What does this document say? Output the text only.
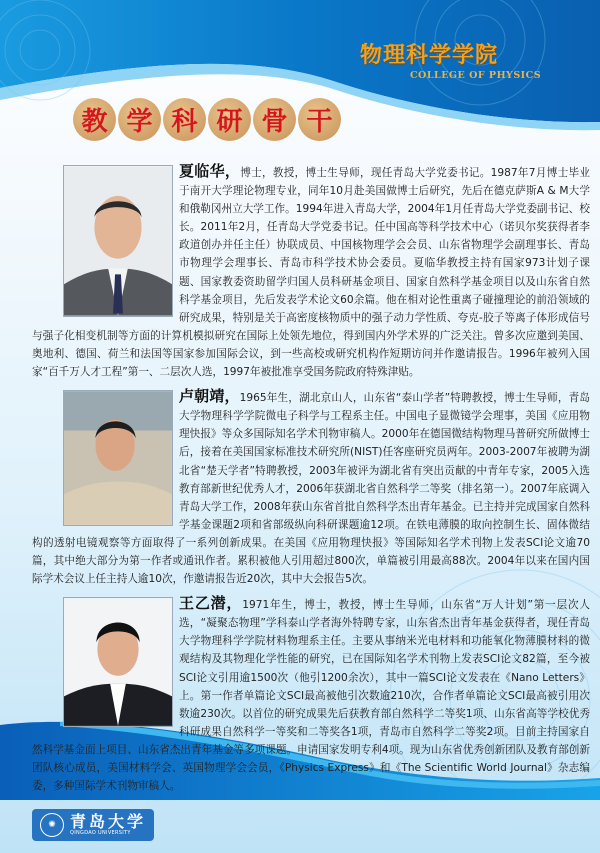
物理科学学院
COLLEGE OF PHYSICS
教 学 科 研 骨 干
夏临华，博士，教授，博士生导师，现任青岛大学党委书记。1987年7月博士毕业于南开大学理论物理专业，同年10月赴美国做博士后研究，先后在德克萨斯A & M大学和俄勒冈州立大学工作。1994年进入青岛大学，2004年1月任青岛大学党委副书记、校长。2011年2月，任青岛大学党委书记。任中国高等科学技术中心（诺贝尔奖获得者李政道创办并任主任）协联成员、中国核物理学会会员、山东省物理学会副理事长、青岛市物理学会理事长、青岛市科学技术协会委员。夏临华教授主持有国家973计划子课题、国家教委资助留学归国人员科研基金项目、国家自然科学基金项目以及山东省自然科学基金项目，先后发表学术论文60余篇。他在相对论性重离子碰撞理论的前沿领域的研究成果，特别是关于高密度核物质中的强子动力学性质、夸克-胶子等离子体形成信号与强子化相变机制等方面的计算机模拟研究在国际上处领先地位，得到国内外学术界的广泛关注。曾多次应邀到美国、奥地利、德国、荷兰和法国等国家参加国际会议，到一些高校或研究机构作短期访问并作邀请报告。1996年被列入国家“百千万人才工程”第一、二层次人选，1997年被批准享受国务院政府特殊津贴。
卢朝靖，1965年生，湖北京山人，山东省“泰山学者”特聘教授，博士生导师，青岛大学物理科学学院微电子科学与工程系主任。中国电子显微镜学会理事，美国《应用物理快报》等众多国际知名学术刊物审稿人。2000年在德国微结构物理马普研究所做博士后，接着在美国国家标准技术研究所(NIST)任客座研究员两年。2003-2007年被聘为湖北省“楚天学者”特聘教授，2003年被评为湖北省有突出贡献的中青年专家，2005入选教育部新世纪优秀人才，2006年获湖北省自然科学二等奖（排名第一）。2007年底调入青岛大学工作，2008年获山东省首批自然科学杰出青年基金。已主持并完成国家自然科学基金课题2项和省部级纵向科研课题逾12项。在铁电薄膜的取向控制生长、固体微结构的透射电镜观察等方面取得了一系列创新成果。在美国《应用物理快报》等国际知名学术刊物上发表SCI论文逾70篇，其中绝大部分为第一作者或通讯作者。累积被他人引用超过800次，单篇被引用最高88次。2004年以来在国内国际学术会议上任主持人逾10次，作邀请报告近20次，其中大会报告5次。
王乙潜，1971年生，博士，教授，博士生导师，山东省“万人计划”第一层次人选，“凝聚态物理”学科泰山学者海外特聘专家，山东省杰出青年基金获得者，现任青岛大学物理科学学院材料物理系主任。主要从事纳米光电材料和功能氧化物薄膜材料的微观结构及其物理化学性能的研究，已在国际知名学术刊物上发表SCI论文82篇，至今被SCI论文引用逾1500次（他引1200余次），其中一篇SCI论文发表在《Nano Letters》上。第一作者单篇论文SCI最高被他引次数逾210次，合作者单篇论文SCI最高被引用次数逾230次。以首位的研究成果先后获教育部自然科学二等奖1项、山东省高等学校优秀科研成果自然科学一等奖和二等奖各1项，青岛市自然科学二等奖2项。目前主持国家自然科学基金面上项目、山东省杰出青年基金等多项课题。申请国家发明专利4项。现为山东省优秀创新团队及教育部创新团队核心成员，美国材料学会、英国物理学会会员，《Physics Express》和《The Scientific World Journal》杂志编委，多种国际学术刊物审稿人。
✺ 青岛大学
QINGDAO UNIVERSITY
